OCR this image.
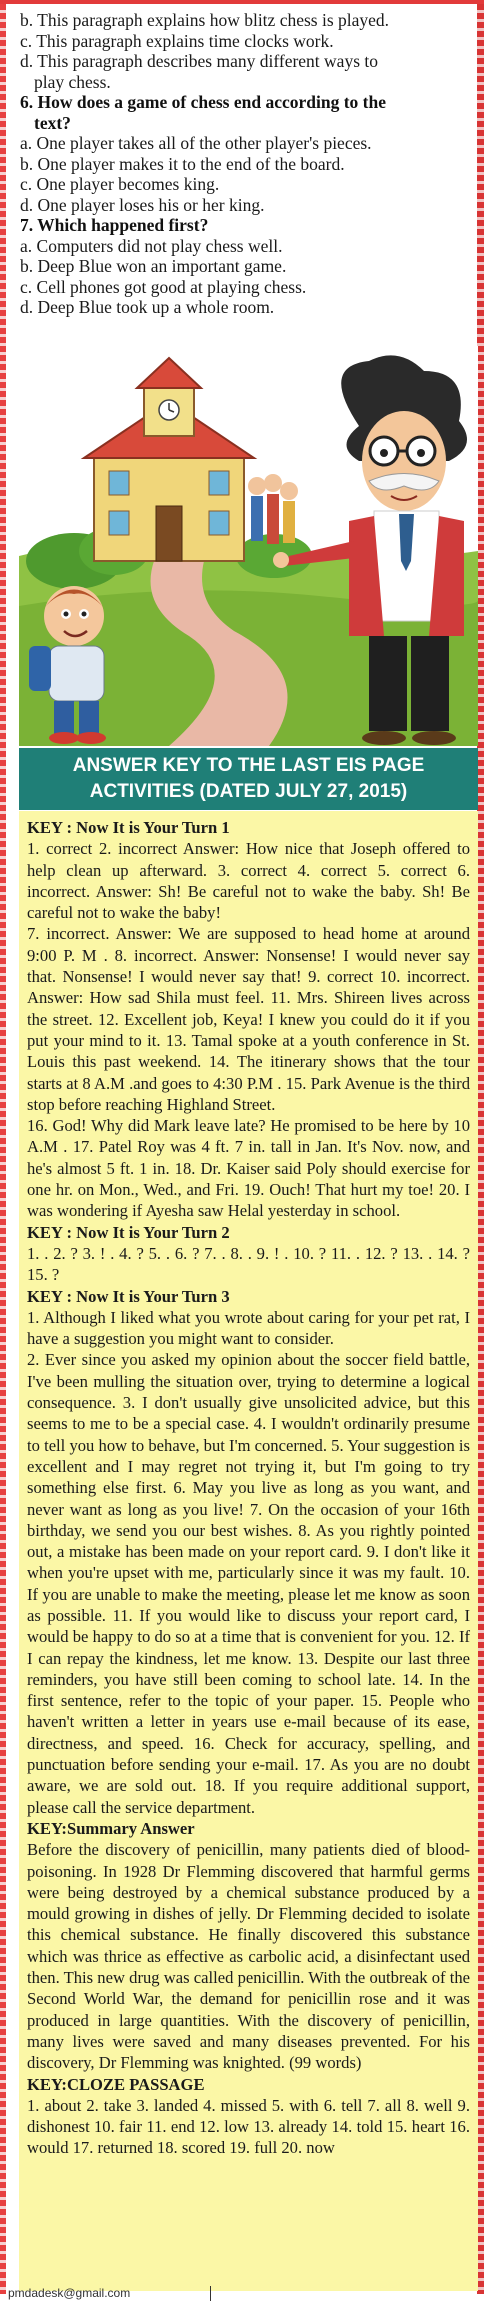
b. This paragraph explains how blitz chess is played.

c. This paragraph explains time clocks work.

d. This paragraph describes many different ways to

play chess.

6. How does a game of chess end according to the

text?

a. One player takes all of the other player's pieces.

b. One player makes it to the end of the board.

c. One player becomes king.

d. One player loses his or her king.

7. Which happened first?

a. Computers did not play chess well.

b. Deep Blue won an important game.

c. Cell phones got good at playing chess.

d. Deep Blue took up a whole room.

ANSWER KEY TO THE LAST EIS PAGE
ACTIVITIES (DATED JULY 27, 2015)

KEY : Now It is Your Turn 1

1. correct 2. incorrect Answer: How nice that Joseph offered to help clean up afterward. 3. correct 4. correct 5. correct 6. incorrect. Answer: Sh! Be careful not to wake the baby. Sh! Be careful not to wake the baby!

7. incorrect. Answer: We are supposed to head home at around 9:00 P. M . 8. incorrect. Answer: Nonsense! I would never say that. Nonsense! I would never say that! 9. correct 10. incorrect. Answer: How sad Shila must feel. 11. Mrs. Shireen lives across the street. 12. Excellent job, Keya! I knew you could do it if you put your mind to it. 13. Tamal spoke at a youth conference in St. Louis this past weekend. 14. The itinerary shows that the tour starts at 8 A.M .and goes to 4:30 P.M . 15. Park Avenue is the third stop before reaching Highland Street.

16. God! Why did Mark leave late? He promised to be here by 10 A.M . 17. Patel Roy was 4 ft. 7 in. tall in Jan. It's Nov. now, and he's almost 5 ft. 1 in. 18. Dr. Kaiser said Poly should exercise for one hr. on Mon., Wed., and Fri. 19. Ouch! That hurt my toe! 20. I was wondering if Ayesha saw Helal yesterday in school.

KEY : Now It is Your Turn 2

1. . 2. ? 3. ! . 4. ? 5. . 6. ? 7. . 8. . 9. ! . 10. ? 11. . 12. ? 13. . 14. ? 15. ?

KEY : Now It is Your Turn 3

1. Although I liked what you wrote about caring for your pet rat, I have a suggestion you might want to consider.

2. Ever since you asked my opinion about the soccer field battle, I've been mulling the situation over, trying to determine a logical consequence. 3. I don't usually give unsolicited advice, but this seems to me to be a special case. 4. I wouldn't ordinarily presume to tell you how to behave, but I'm concerned. 5. Your suggestion is excellent and I may regret not trying it, but I'm going to try something else first. 6. May you live as long as you want, and never want as long as you live! 7. On the occasion of your 16th birthday, we send you our best wishes. 8. As you rightly pointed out, a mistake has been made on your report card. 9. I don't like it when you're upset with me, particularly since it was my fault. 10. If you are unable to make the meeting, please let me know as soon as possible. 11. If you would like to discuss your report card, I would be happy to do so at a time that is convenient for you. 12. If I can repay the kindness, let me know. 13. Despite our last three reminders, you have still been coming to school late. 14. In the first sentence, refer to the topic of your paper. 15. People who haven't written a letter in years use e-mail because of its ease, directness, and speed. 16. Check for accuracy, spelling, and punctuation before sending your e-mail. 17. As you are no doubt aware, we are sold out. 18. If you require additional support, please call the service department.

KEY:Summary Answer

Before the discovery of penicillin, many patients died of blood-poisoning. In 1928 Dr Flemming discovered that harmful germs were being destroyed by a chemical substance produced by a mould growing in dishes of jelly. Dr Flemming decided to isolate this chemical substance. He finally discovered this substance which was thrice as effective as carbolic acid, a disinfectant used then. This new drug was called penicillin. With the outbreak of the Second World War, the demand for penicillin rose and it was produced in large quantities. With the discovery of penicillin, many lives were saved and many diseases prevented. For his discovery, Dr Flemming was knighted. (99 words)

KEY:CLOZE PASSAGE

1. about 2. take 3. landed 4. missed 5. with 6. tell 7. all 8. well 9. dishonest 10. fair 11. end 12. low 13. already 14. told 15. heart 16. would 17. returned 18. scored 19. full 20. now

pmdadesk@gmail.com
